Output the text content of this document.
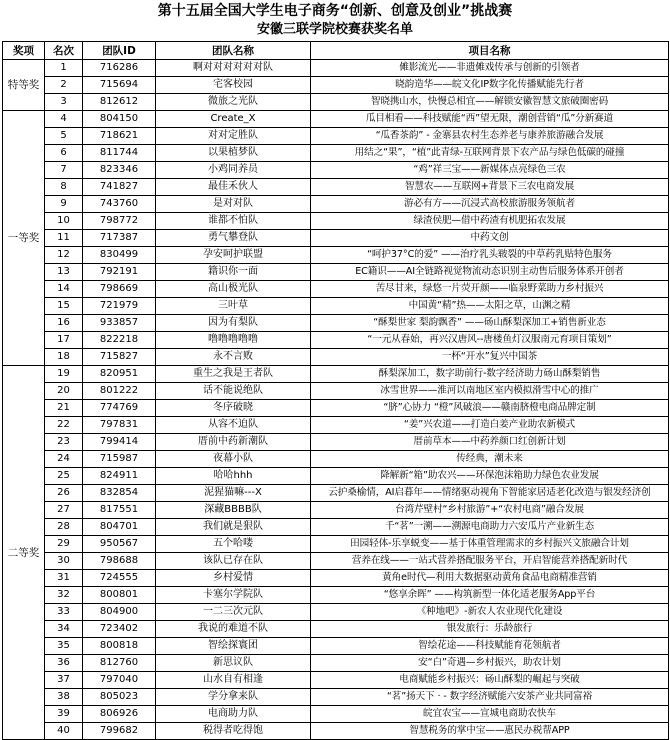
第十五届全国大学生电子商务“创新、创意及创业”挑战赛
安徽三联学院校赛获奖名单
奖项	名次	团队ID	团队名称	项目名称
特等奖	1	716286	啊对对对对对对队	傩影流光——非遗傩戏传承与创新的引领者
	2	715694	宅客校园	晓韵造华——皖文化IP数字化传播赋能先行者
	3	812612	微旅之光队	智晓携山水，快慢总相宜——解锁安徽智慧文旅破圈密码
一等奖	4	804150	Create_X	瓜目相看——科技赋能“西”望无限，潮创营销“瓜”分新赛道
	5	718621	对对定胜队	“瓜香茶韵” - 金寨县农村生态养老与康养旅游融合发展
	6	811744	以果植梦队	用结之“果”，“植”此青绿-互联网背景下农产品与绿色低碳的碰撞
	7	823346	小鸡同养员	“鸡”祥三宝——新媒体点亮绿色三农
	8	741827	最佳禾伙人	智慧农——互联网+背景下三农电商发展
	9	743760	是对对队	游必有方——沉浸式高校旅游服务领航者
	10	798772	谁都不怕队	绿渣侯肥—借中药渣有机肥拓农发展
	11	717387	勇气攀登队	中药文创
	12	830499	孕安呵护联盟	“呵护37°C的爱” ——治疗乳头皲裂的中草药乳贴特色服务
	13	792191	籍识你一面	EC籍识——AI全链路视觉物流动态识别主动售后服务体系开创者
	14	798669	高山极光队	苦尽甘来，绿悠一片荧开颜——临泉野菜助力乡村振兴
	15	721979	三叶草	中国黄“精”热——太阳之草，山渊之精
	16	933857	因为有梨队	“酥梨世家 梨韵飘香” ——砀山酥梨深加工+销售新业态
	17	822218	噜噜噜噜噜	“一元从春始，再兴汉唐风--唐楼鱼灯汉服南元育项目策划”
	18	715827	永不言败	一杯“开水”复兴中国茶
二等奖	19	820951	重生之我是王者队	酥梨深加工，数字助前行-数字经济助力砀山酥梨销售
	20	801222	话不能说绝队	冰雪世界——淮河以南地区室内模拟滑雪中心的推广
	21	774769	冬序破晓	“脐”心协力 “橙”风破浪——赣南脐橙电商品牌定制
	22	797831	从容不迫队	“姜”兴农道——打造白姜产业助农新模式
	23	799414	厝前中药新潮队	厝前草本——中药养颜口红创新计划
	24	715987	夜幕小队	传经典，潮未来
	25	824911	哈哈hhh	降解新“箱”助农兴——环保泡沫箱助力绿色农业发展
	26	832854	泥猩猫嘛---X	云护桑榆情，AI启暮年——情绪驱动视角下智能家居适老化改造与银发经济创
	27	817551	深藏BBBB队	台湾芹壁村“乡村旅游”+“农村电商”融合发展
	28	804701	我们就是狠队	千“茗”一溯——溯源电商助力六安瓜片产业新生态
	29	950567	五个哈喽	田园轻体-乐享蜕变——基于体重管理需求的乡村振兴文旅融合计划
	30	798688	该队已存在队	营养在线——一站式营养搭配服务平台，开启智能营养搭配新时代
	31	724555	乡村爱情	黄角e时代—利用大数据驱动黄角食品电商精准营销
	32	800801	卡塞尔学院队	“悠享余晖” ——构筑新型一体化适老服务App平台
	33	804900	一二三次元队	《种地吧》-新农人农业现代化建设
	34	723402	我说的难道不队	银发旅行：乐龄旅行
	35	800818	智绘探寰团	智绘花途——科技赋能育花领航者
	36	812760	新思议队	安“白”奇遇—乡村振兴，助农计划
	37	797040	山水自有相逢	电商赋能乡村振兴：砀山酥梨的崛起与突破
	38	805023	学分拿来队	“茗”扬天下 · - 数字经济赋能六安茶产业共同富裕
	39	806926	电商助力队	皖宜农宝——宣城电商助农快车
	40	799682	税得者吃得饱	智慧税务的掌中宝——惠民办税帮APP
